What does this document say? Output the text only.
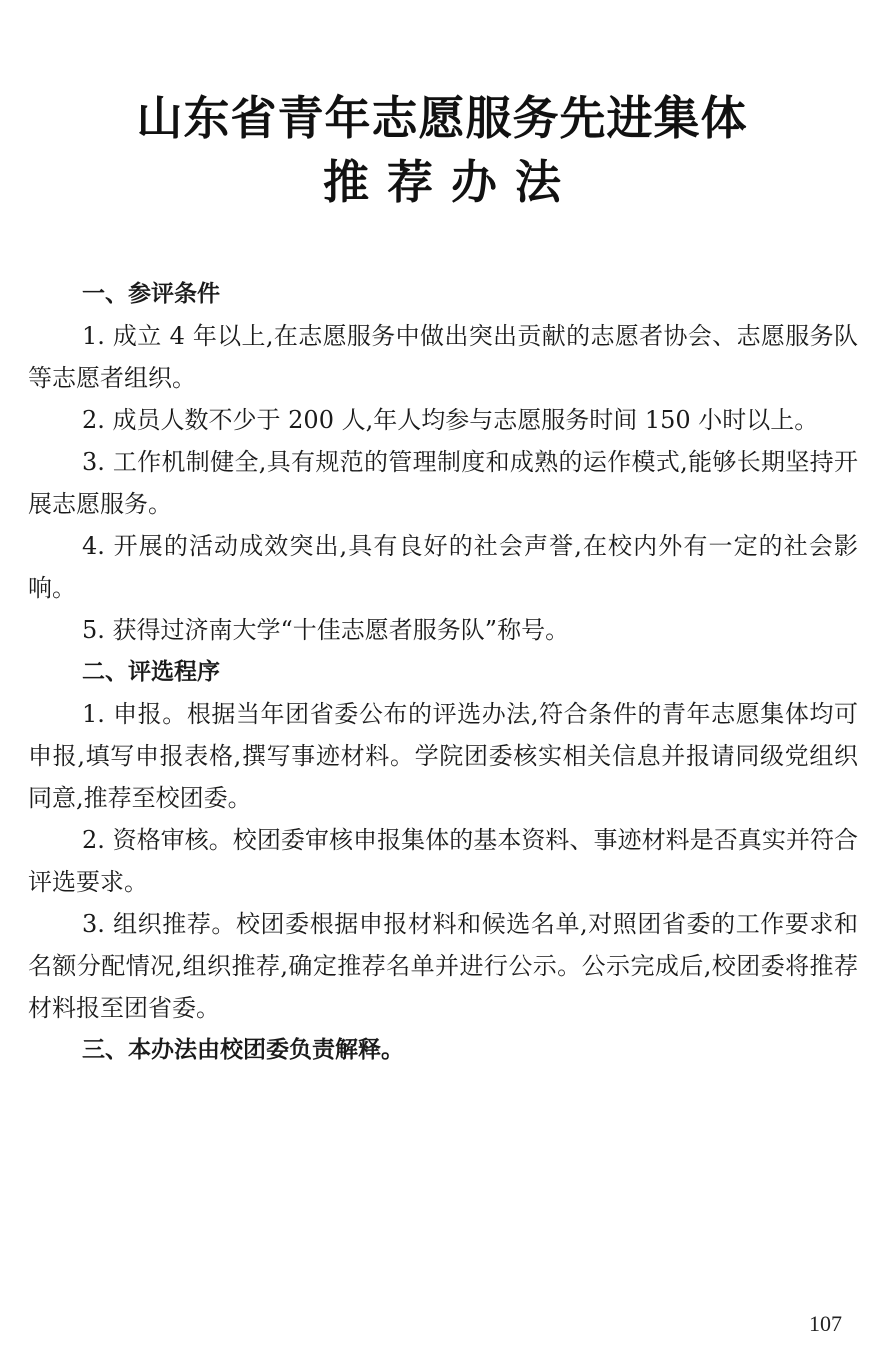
山东省青年志愿服务先进集体
推荐办法

一、参评条件

1. 成立 4 年以上,在志愿服务中做出突出贡献的志愿者协会、志愿服务队等志愿者组织。

2. 成员人数不少于 200 人,年人均参与志愿服务时间 150 小时以上。

3. 工作机制健全,具有规范的管理制度和成熟的运作模式,能够长期坚持开展志愿服务。

4. 开展的活动成效突出,具有良好的社会声誉,在校内外有一定的社会影响。

5. 获得过济南大学“十佳志愿者服务队”称号。

二、评选程序

1. 申报。根据当年团省委公布的评选办法,符合条件的青年志愿集体均可申报,填写申报表格,撰写事迹材料。学院团委核实相关信息并报请同级党组织同意,推荐至校团委。

2. 资格审核。校团委审核申报集体的基本资料、事迹材料是否真实并符合评选要求。

3. 组织推荐。校团委根据申报材料和候选名单,对照团省委的工作要求和名额分配情况,组织推荐,确定推荐名单并进行公示。公示完成后,校团委将推荐材料报至团省委。

三、本办法由校团委负责解释。

107
